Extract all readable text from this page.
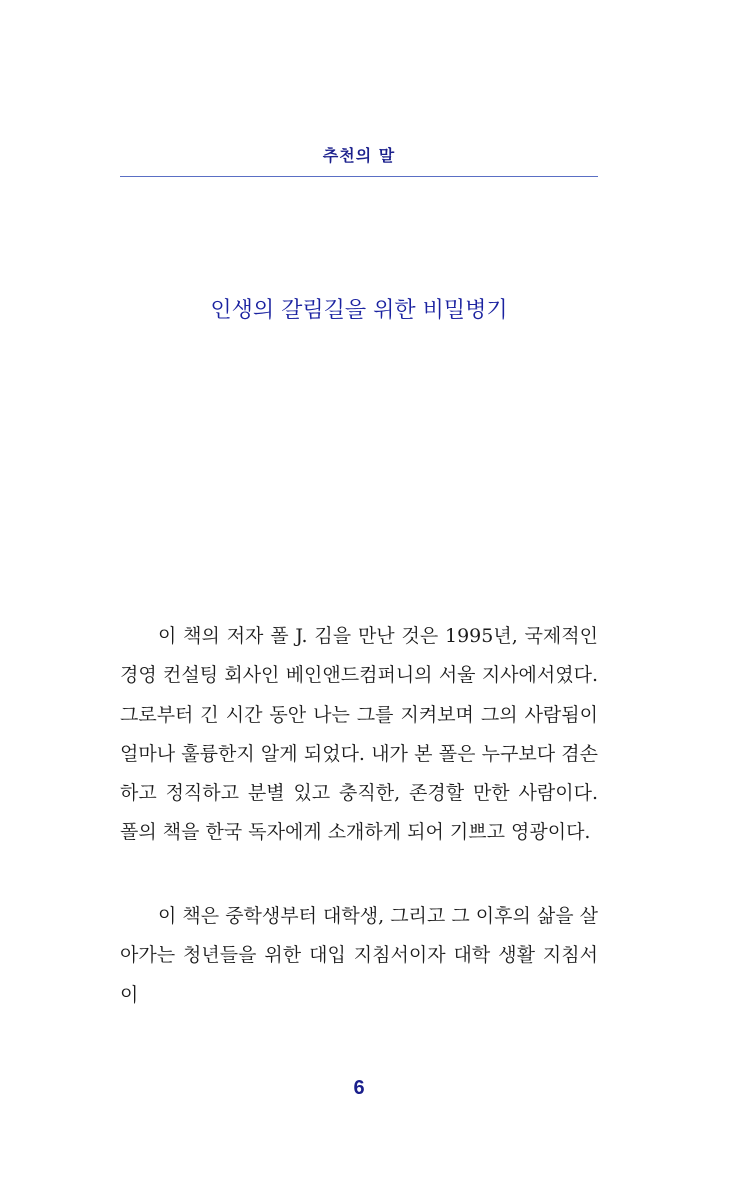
추천의 말
인생의 갈림길을 위한 비밀병기

이 책의 저자 폴 J. 김을 만난 것은 1995년, 국제적인 경영 컨설팅 회사인 베인앤드컴퍼니의 서울 지사에서였다. 그로부터 긴 시간 동안 나는 그를 지켜보며 그의 사람됨이 얼마나 훌륭한지 알게 되었다. 내가 본 폴은 누구보다 겸손하고 정직하고 분별 있고 충직한, 존경할 만한 사람이다. 폴의 책을 한국 독자에게 소개하게 되어 기쁘고 영광이다.

이 책은 중학생부터 대학생, 그리고 그 이후의 삶을 살아가는 청년들을 위한 대입 지침서이자 대학 생활 지침서이

6
